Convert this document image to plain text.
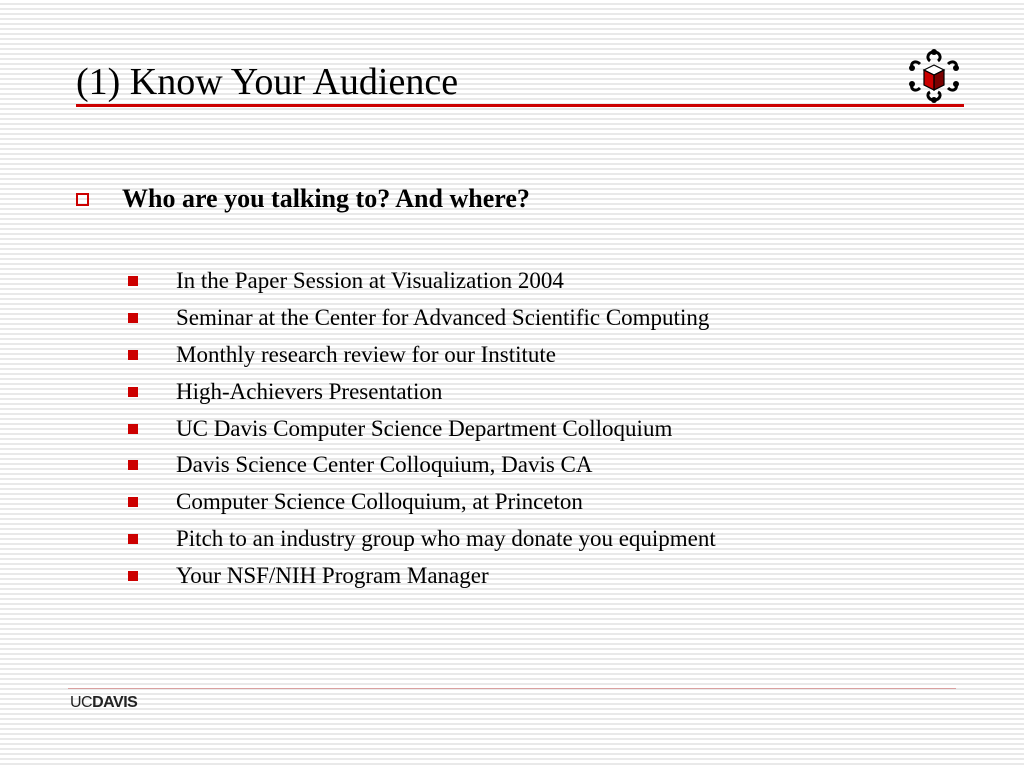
(1) Know Your Audience
Who are you talking to? And where?
In the Paper Session at Visualization 2004
Seminar at the Center for Advanced Scientific Computing
Monthly research review for our Institute
High-Achievers Presentation
UC Davis Computer Science Department Colloquium
Davis Science Center Colloquium, Davis CA
Computer Science Colloquium, at Princeton
Pitch to an industry group who may donate you equipment
Your NSF/NIH Program Manager
UCDAVIS
